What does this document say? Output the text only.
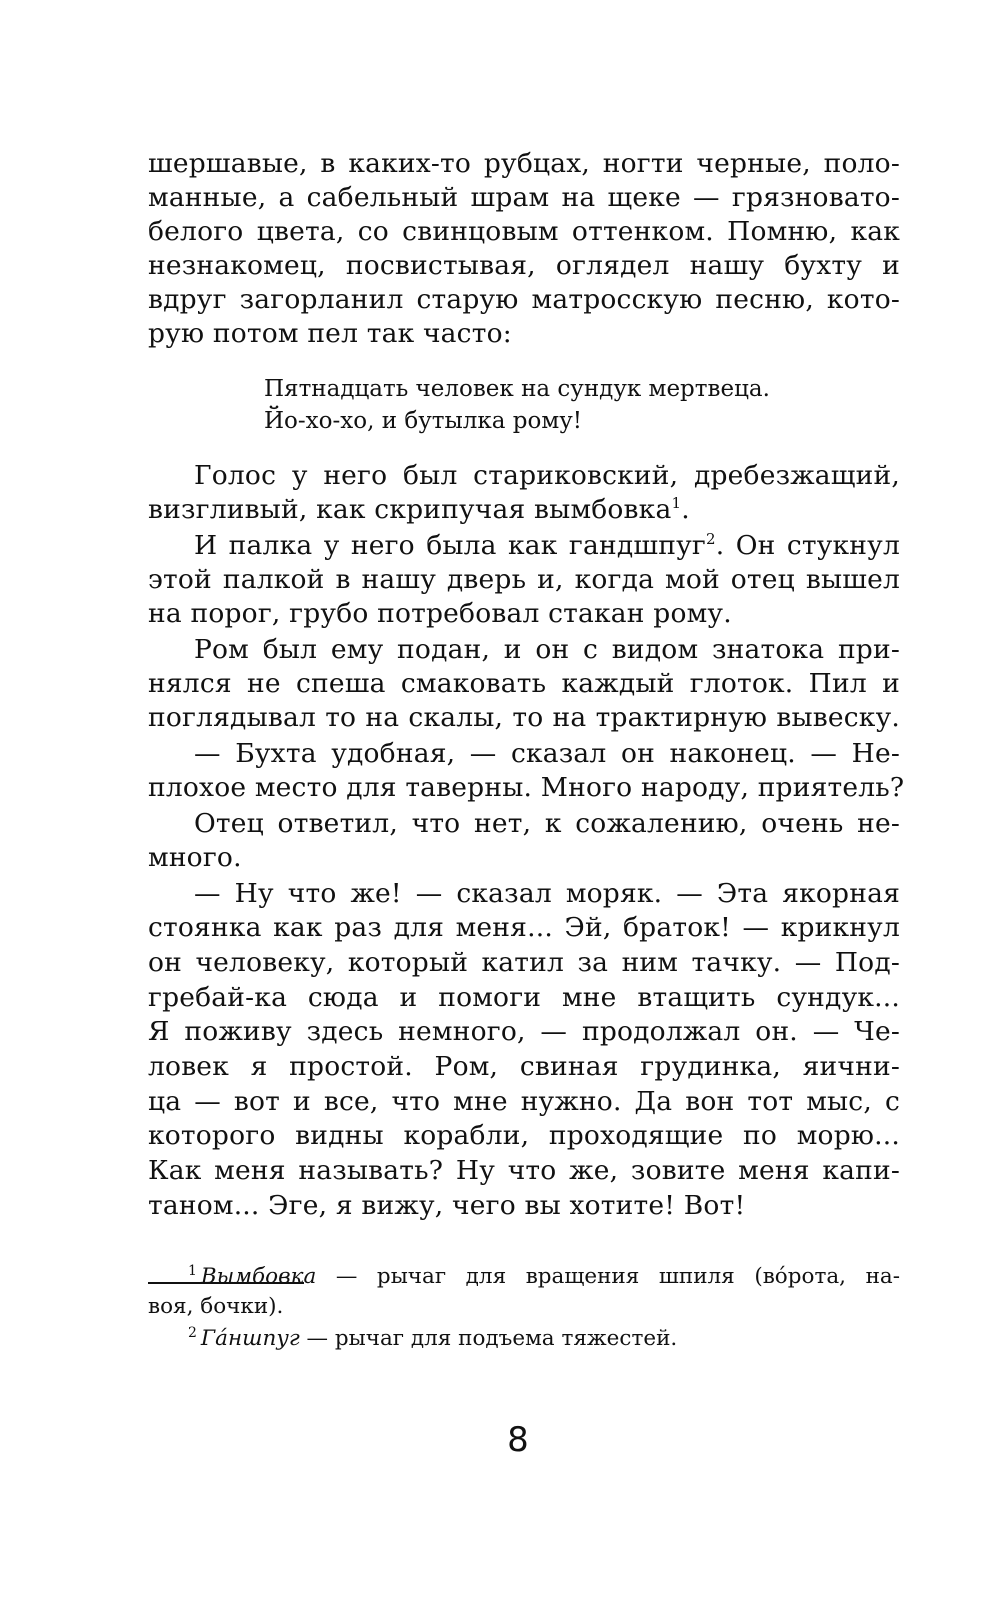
шершавые, в каких-то рубцах, ногти черные, поло-
манные, а сабельный шрам на щеке — грязновато-
белого цвета, со свинцовым оттенком. Помню, как
незнакомец, посвистывая, оглядел нашу бухту и
вдруг загорланил старую матросскую песню, кото-
рую потом пел так часто:
Пятнадцать человек на сундук мертвеца.
Йо-хо-хо, и бутылка рому!
Голос у него был стариковский, дребезжащий,
визгливый, как скрипучая вымбовка$^1$.
И палка у него была как гандшпуг$^2$. Он стукнул
этой палкой в нашу дверь и, когда мой отец вышел
на порог, грубо потребовал стакан рому.
Ром был ему подан, и он с видом знатока при-
нялся не спеша смаковать каждый глоток. Пил и
поглядывал то на скалы, то на трактирную вывеску.
— Бухта удобная, — сказал он наконец. — Не-
плохое место для таверны. Много народу, приятель?
Отец ответил, что нет, к сожалению, очень не-
много.
— Ну что же! — сказал моряк. — Эта якорная
стоянка как раз для меня... Эй, браток! — крикнул
он человеку, который катил за ним тачку. — Под-
гребай-ка сюда и помоги мне втащить сундук...
Я поживу здесь немного, — продолжал он. — Че-
ловек я простой. Ром, свиная грудинка, яични-
ца — вот и все, что мне нужно. Да вон тот мыс, с
которого видны корабли, проходящие по морю...
Как меня называть? Ну что же, зовите меня капи-
таном... Эге, я вижу, чего вы хотите! Вот!
$^1$ Вымбовка — рычаг для вращения шпиля (вóрота, на-
воя, бочки).
$^2$ Гáншпуг — рычаг для подъема тяжестей.
8
